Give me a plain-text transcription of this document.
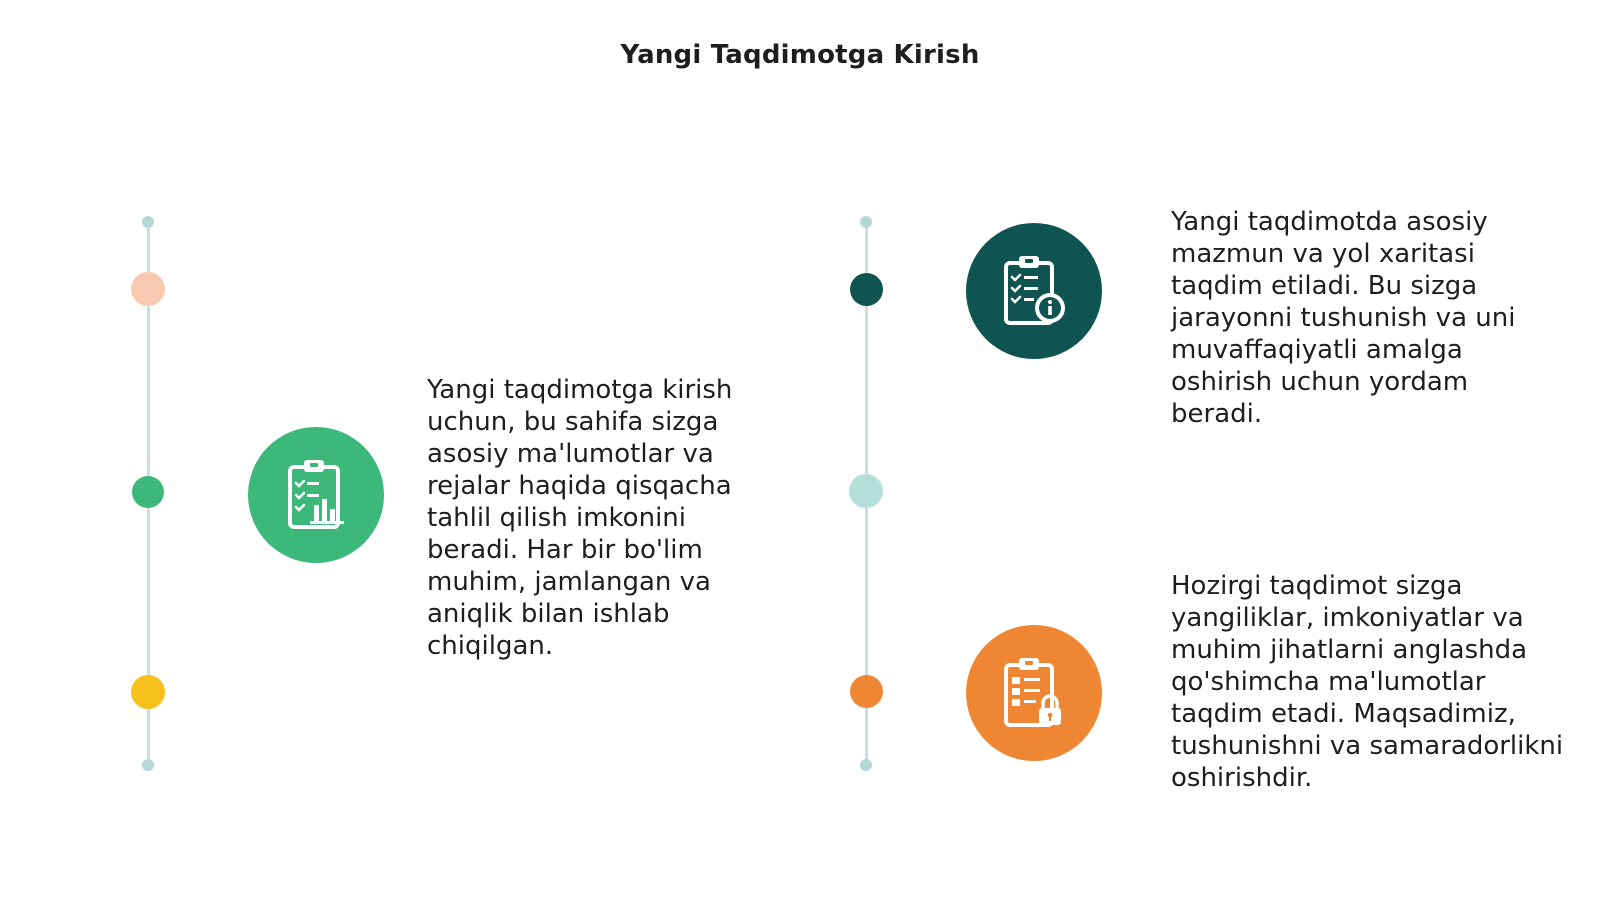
Yangi Taqdimotga Kirish
Yangi taqdimotga kirish uchun, bu sahifa sizga asosiy ma'lumotlar va rejalar haqida qisqacha tahlil qilish imkonini beradi. Har bir bo'lim muhim, jamlangan va aniqlik bilan ishlab chiqilgan.
Yangi taqdimotda asosiy mazmun va yol xaritasi taqdim etiladi. Bu sizga jarayonni tushunish va uni muvaffaqiyatli amalga oshirish uchun yordam beradi.
Hozirgi taqdimot sizga yangiliklar, imkoniyatlar va muhim jihatlarni anglashda qo'shimcha ma'lumotlar taqdim etadi. Maqsadimiz, tushunishni va samaradorlikni oshirishdir.
